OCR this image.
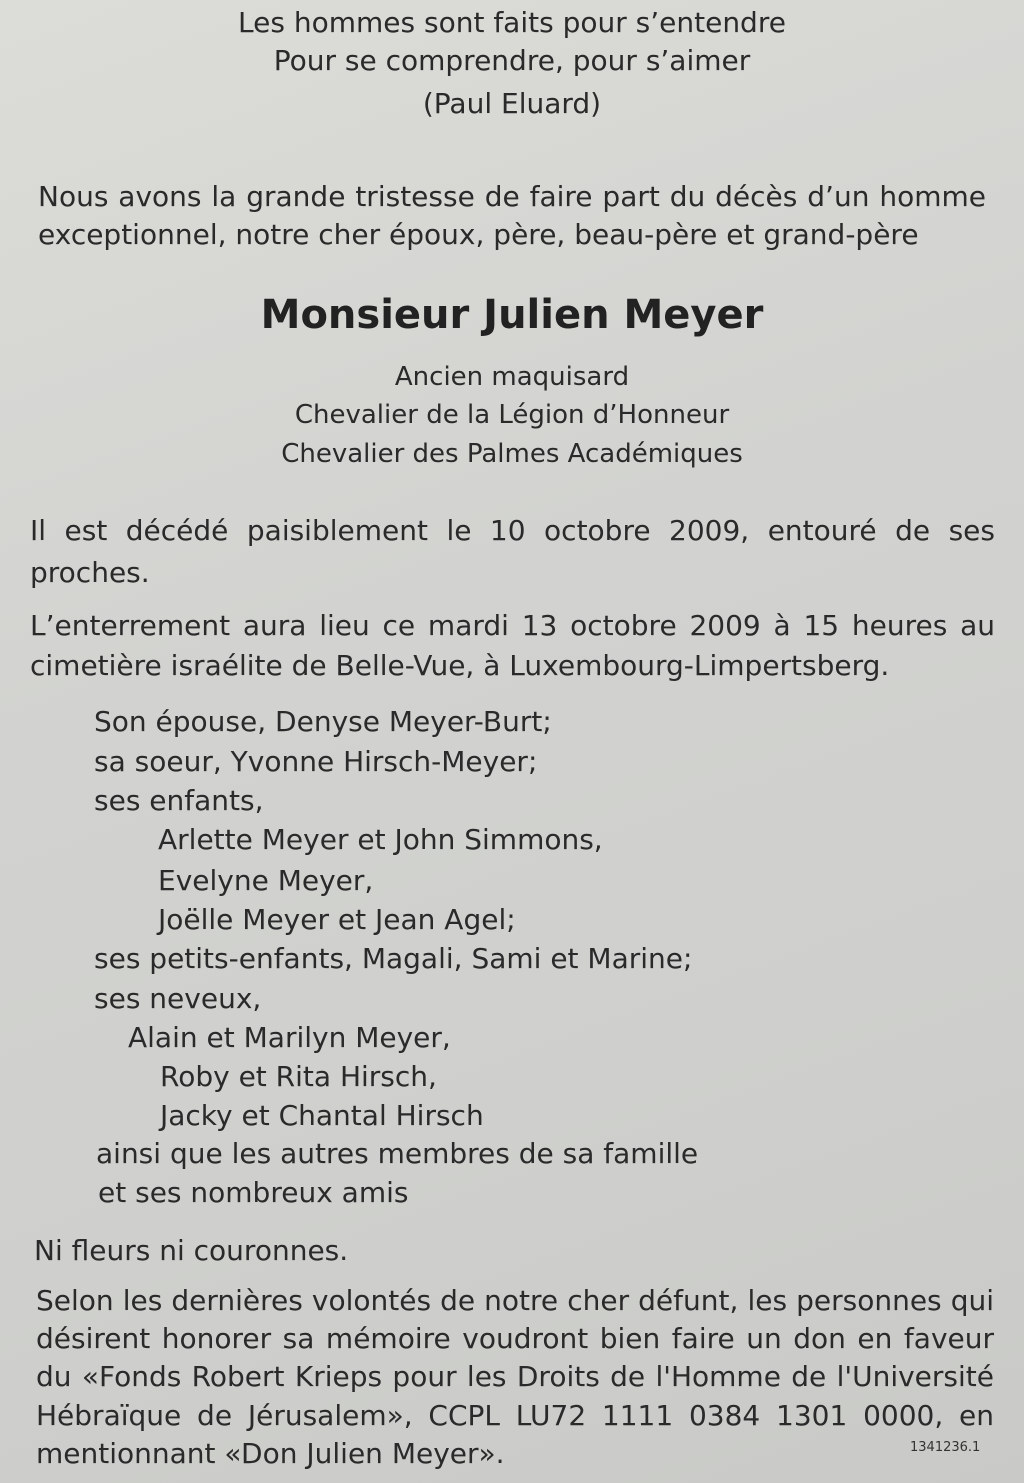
Les hommes sont faits pour s’entendre
Pour se comprendre, pour s’aimer
(Paul Eluard)
Nous avons la grande tristesse de faire part du décès d’un homme
exceptionnel, notre cher époux, père, beau-père et grand-père
Monsieur Julien Meyer
Ancien maquisard
Chevalier de la Légion d’Honneur
Chevalier des Palmes Académiques
Il est décédé paisiblement le 10 octobre 2009, entouré de ses
proches.
L’enterrement aura lieu ce mardi 13 octobre 2009 à 15 heures au
cimetière israélite de Belle-Vue, à Luxembourg-Limpertsberg.
Son épouse, Denyse Meyer-Burt;
sa soeur, Yvonne Hirsch-Meyer;
ses enfants,
Arlette Meyer et John Simmons,
Evelyne Meyer,
Joëlle Meyer et Jean Agel;
ses petits-enfants, Magali, Sami et Marine;
ses neveux,
Alain et Marilyn Meyer,
Roby et Rita Hirsch,
Jacky et Chantal Hirsch
ainsi que les autres membres de sa famille
et ses nombreux amis
Ni fleurs ni couronnes.
Selon les dernières volontés de notre cher défunt, les personnes qui
désirent honorer sa mémoire voudront bien faire un don en faveur
du «Fonds Robert Krieps pour les Droits de l'Homme de l'Université
Hébraïque de Jérusalem», CCPL LU72 1111 0384 1301 0000, en
mentionnant «Don Julien Meyer».	1341236.1
